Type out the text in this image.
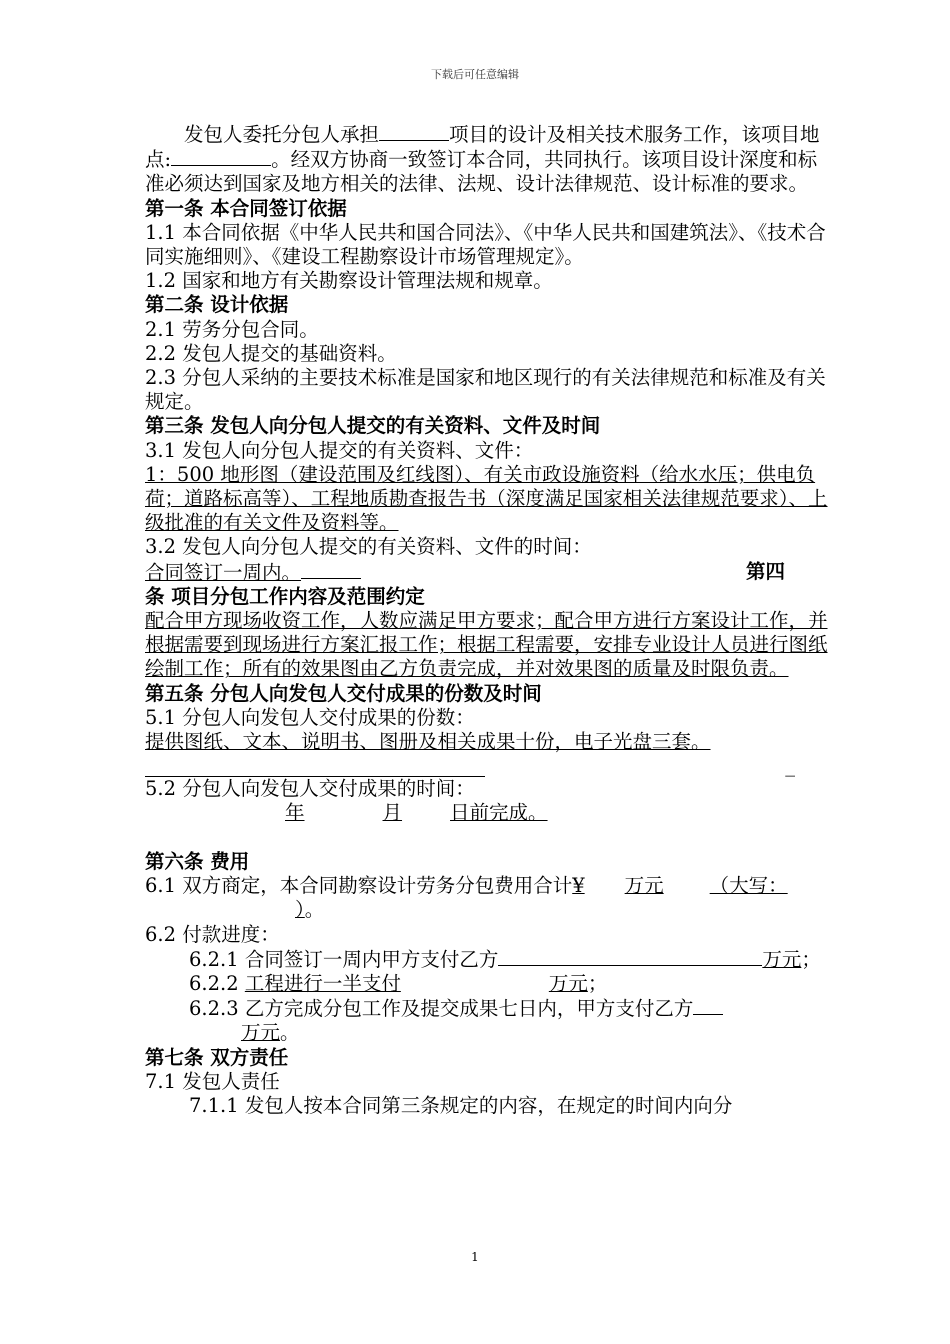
下载后可任意编辑

发包人委托分包人承担	项目的设计及相关技术服务工作，该项目地点:	。经双方协商一致签订本合同，共同执行。该项目设计深度和标准必须达到国家及地方相关的法律、法规、设计法律规范、设计标准的要求。

第一条 本合同签订依据

1.1 本合同依据《中华人民共和国合同法》、《中华人民共和国建筑法》、《技术合同实施细则》、《建设工程勘察设计市场管理规定》。

1.2 国家和地方有关勘察设计管理法规和规章。

第二条 设计依据

2.1 劳务分包合同。

2.2 发包人提交的基础资料。

2.3 分包人采纳的主要技术标准是国家和地区现行的有关法律规范和标准及有关规定。

第三条 发包人向分包人提交的有关资料、文件及时间

3.1 发包人向分包人提交的有关资料、文件：

1：500 地形图（建设范围及红线图）、有关市政设施资料（给水水压；供电负荷；道路标高等）、工程地质勘查报告书（深度满足国家相关法律规范要求）、上级批准的有关文件及资料等。

3.2 发包人向分包人提交的有关资料、文件的时间：

合同签订一周内。	第四

条 项目分包工作内容及范围约定

配合甲方现场收资工作，人数应满足甲方要求；配合甲方进行方案设计工作，并根据需要到现场进行方案汇报工作；根据工程需要，安排专业设计人员进行图纸绘制工作；所有的效果图由乙方负责完成，并对效果图的质量及时限负责。

第五条 分包人向发包人交付成果的份数及时间

5.1 分包人向发包人交付成果的份数：

提供图纸、文本、说明书、图册及相关成果十份，电子光盘三套。

_

5.2 分包人向发包人交付成果的时间：

年	月 日前完成。

第六条 费用

6.1 双方商定，本合同勘察设计劳务分包费用合计¥ 万元 （大写：）。

6.2 付款进度：

6.2.1 合同签订一周内甲方支付乙方	万元；

6.2.2 工程进行一半支付	万元；

6.2.3 乙方完成分包工作及提交成果七日内，甲方支付乙方

万元。

第七条 双方责任

7.1 发包人责任

7.1.1 发包人按本合同第三条规定的内容，在规定的时间内向分

1
